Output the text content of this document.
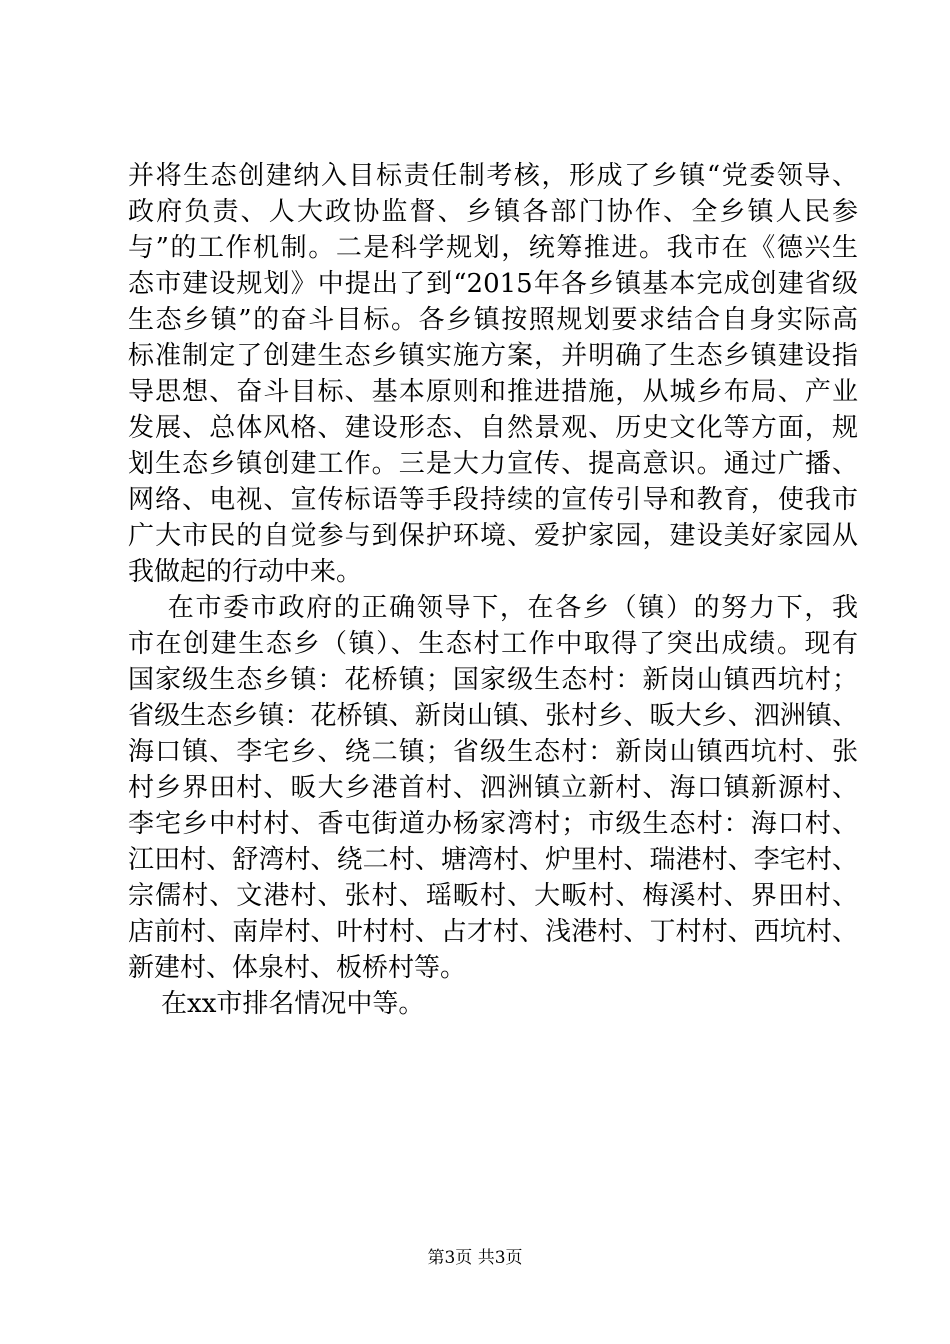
并将生态创建纳入目标责任制考核，形成了乡镇“党委领导、
政府负责、人大政协监督、乡镇各部门协作、全乡镇人民参
与”的工作机制。二是科学规划，统筹推进。我市在《德兴生
态市建设规划》中提出了到“2015年各乡镇基本完成创建省级
生态乡镇”的奋斗目标。各乡镇按照规划要求结合自身实际高
标准制定了创建生态乡镇实施方案，并明确了生态乡镇建设指
导思想、奋斗目标、基本原则和推进措施，从城乡布局、产业
发展、总体风格、建设形态、自然景观、历史文化等方面，规
划生态乡镇创建工作。三是大力宣传、提高意识。通过广播、
网络、电视、宣传标语等手段持续的宣传引导和教育，使我市
广大市民的自觉参与到保护环境、爱护家园，建设美好家园从
我做起的行动中来。
在市委市政府的正确领导下，在各乡（镇）的努力下，我
市在创建生态乡（镇）、生态村工作中取得了突出成绩。现有
国家级生态乡镇：花桥镇；国家级生态村：新岗山镇西坑村；
省级生态乡镇：花桥镇、新岗山镇、张村乡、昄大乡、泗洲镇、
海口镇、李宅乡、绕二镇；省级生态村：新岗山镇西坑村、张
村乡界田村、昄大乡港首村、泗洲镇立新村、海口镇新源村、
李宅乡中村村、香屯街道办杨家湾村；市级生态村：海口村、
江田村、舒湾村、绕二村、塘湾村、炉里村、瑞港村、李宅村、
宗儒村、文港村、张村、瑶畈村、大畈村、梅溪村、界田村、
店前村、南岸村、叶村村、占才村、浅港村、丁村村、西坑村、
新建村、体泉村、板桥村等。
在xx市排名情况中等。
第3页 共3页
